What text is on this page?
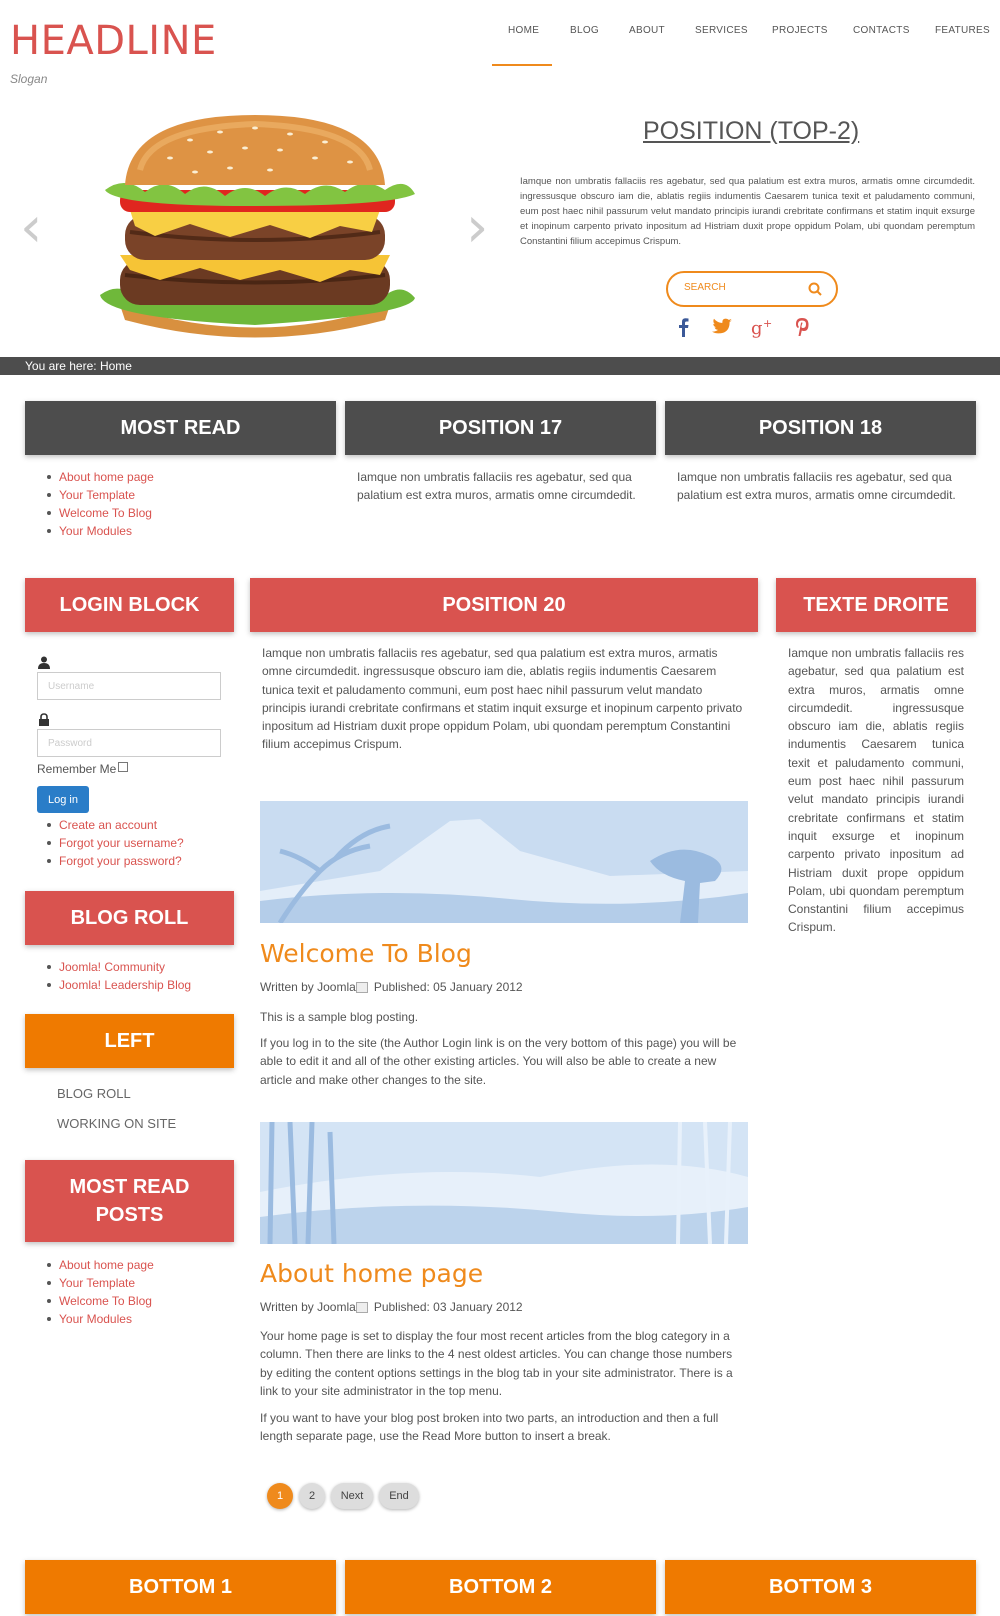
HEADLINE
Slogan
HOME	BLOG	ABOUT	SERVICES PROJECTS	CONTACTS	FEATURES
‹	›
POSITION (TOP-2)
Iamque non umbratis fallaciis res agebatur, sed qua palatium est extra muros, armatis omne circumdedit. ingressusque obscuro iam die, ablatis regiis indumentis Caesarem tunica texit et paludamento communi, eum post haec nihil passurum velut mandato principis iurandi crebritate confirmans et statim inquit exsurge et inopinum carpento privato inpositum ad Histriam duxit prope oppidum Polam, ubi quondam peremptum Constantini filium accepimus Crispum.
SEARCH
g +
You are here: Home
MOST READ
About home page
Your Template
Welcome To Blog
Your Modules
POSITION 17
Iamque non umbratis fallaciis res agebatur, sed qua palatium est extra muros, armatis omne circumdedit.
POSITION 18
Iamque non umbratis fallaciis res agebatur, sed qua palatium est extra muros, armatis omne circumdedit.
LOGIN BLOCK
Username
Remember Me
Log in
Create an account
Forgot your username?
Forgot your password?
BLOG ROLL
Joomla! Community
Joomla! Leadership Blog
LEFT
BLOG ROLL
WORKING ON SITE
MOST READ
POSTS
About home page
Your Template
Welcome To Blog
Your Modules
POSITION 20
Iamque non umbratis fallaciis res agebatur, sed qua palatium est extra muros, armatis omne circumdedit. ingressusque obscuro iam die, ablatis regiis indumentis Caesarem tunica texit et paludamento communi, eum post haec nihil passurum velut mandato principis iurandi crebritate confirmans et statim inquit exsurge et inopinum carpento privato inpositum ad Histriam duxit prope oppidum Polam, ubi quondam peremptum Constantini filium accepimus Crispum.
Welcome To Blog
Written by Joomla Published: 05 January 2012
This is a sample blog posting.
If you log in to the site (the Author Login link is on the very bottom of this page) you will be able to edit it and all of the other existing articles. You will also be able to create a new article and make other changes to the site.
About home page
Written by Joomla Published: 03 January 2012
Your home page is set to display the four most recent articles from the blog category in a column. Then there are links to the 4 nest oldest articles. You can change those numbers by editing the content options settings in the blog tab in your site administrator. There is a link to your site administrator in the top menu.
If you want to have your blog post broken into two parts, an introduction and then a full length separate page, use the Read More button to insert a break.
1	2	Next	End
TEXTE DROITE
Iamque non umbratis fallaciis res agebatur, sed qua palatium est extra muros, armatis omne circumdedit. ingressusque obscuro iam die, ablatis regiis indumentis Caesarem tunica texit et paludamento communi, eum post haec nihil passurum velut mandato principis iurandi crebritate confirmans et statim inquit exsurge et inopinum carpento privato inpositum ad Histriam duxit prope oppidum Polam, ubi quondam peremptum Constantini filium accepimus Crispum.
BOTTOM 1	BOTTOM 2	BOTTOM 3
